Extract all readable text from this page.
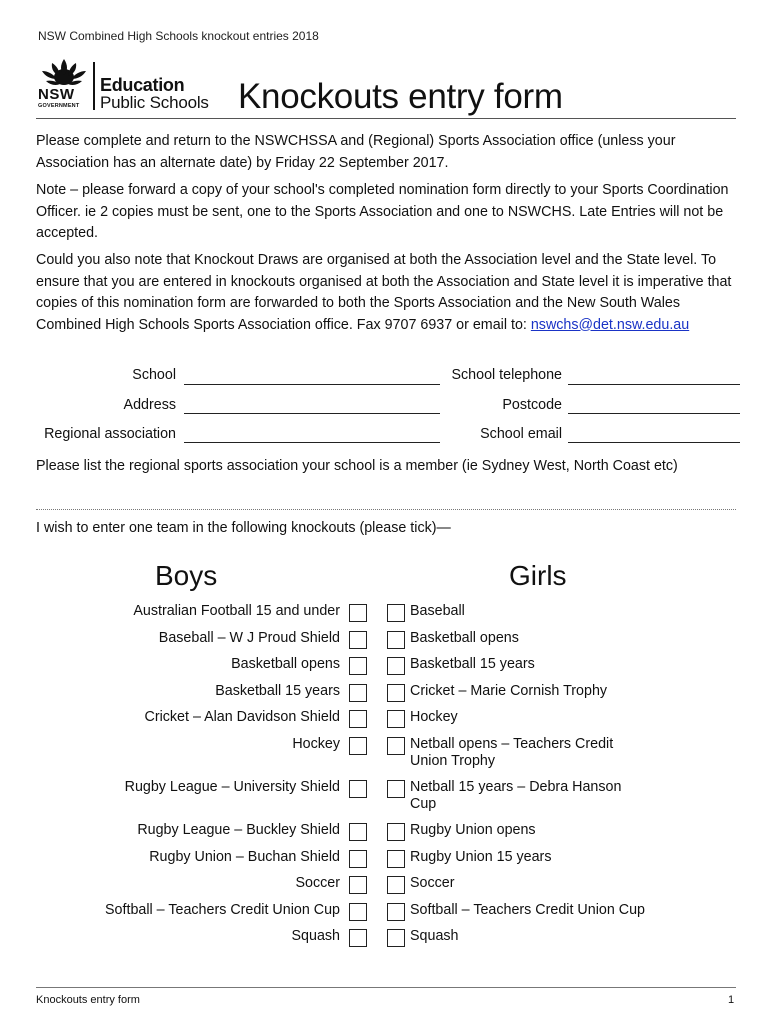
NSW Combined High Schools knockout entries 2018
NSW
GOVERNMENT
Education
Public Schools Knockouts entry form
Please complete and return to the NSWCHSSA and (Regional) Sports Association office (unless your Association has an alternate date) by Friday 22 September 2017.
Note – please forward a copy of your school's completed nomination form directly to your Sports Coordination Officer. ie 2 copies must be sent, one to the Sports Association and one to NSWCHS. Late Entries will not be accepted.
Could you also note that Knockout Draws are organised at both the Association level and the State level. To ensure that you are entered in knockouts organised at both the Association and State level it is imperative that copies of this nomination form are forwarded to both the Sports Association and the New South Wales Combined High Schools Sports Association office. Fax 9707 6937 or email to: nswchs@det.nsw.edu.au
School	School telephone
Address	Postcode
Regional association	School email
Please list the regional sports association your school is a member (ie Sydney West, North Coast etc)
I wish to enter one team in the following knockouts (please tick)—
Boys	Girls
Australian Football 15 and under	Baseball
Baseball – W J Proud Shield	Basketball opens
Basketball opens	Basketball 15 years
Basketball 15 years	Cricket – Marie Cornish Trophy
Cricket – Alan Davidson Shield	Hockey
Hockey	Netball opens – Teachers Credit Union Trophy
Rugby League – University Shield	Netball 15 years – Debra Hanson Cup
Rugby League – Buckley Shield	Rugby Union opens
Rugby Union – Buchan Shield	Rugby Union 15 years
Soccer	Soccer
Softball – Teachers Credit Union Cup	Softball – Teachers Credit Union Cup
Squash	Squash
Knockouts entry form	1
